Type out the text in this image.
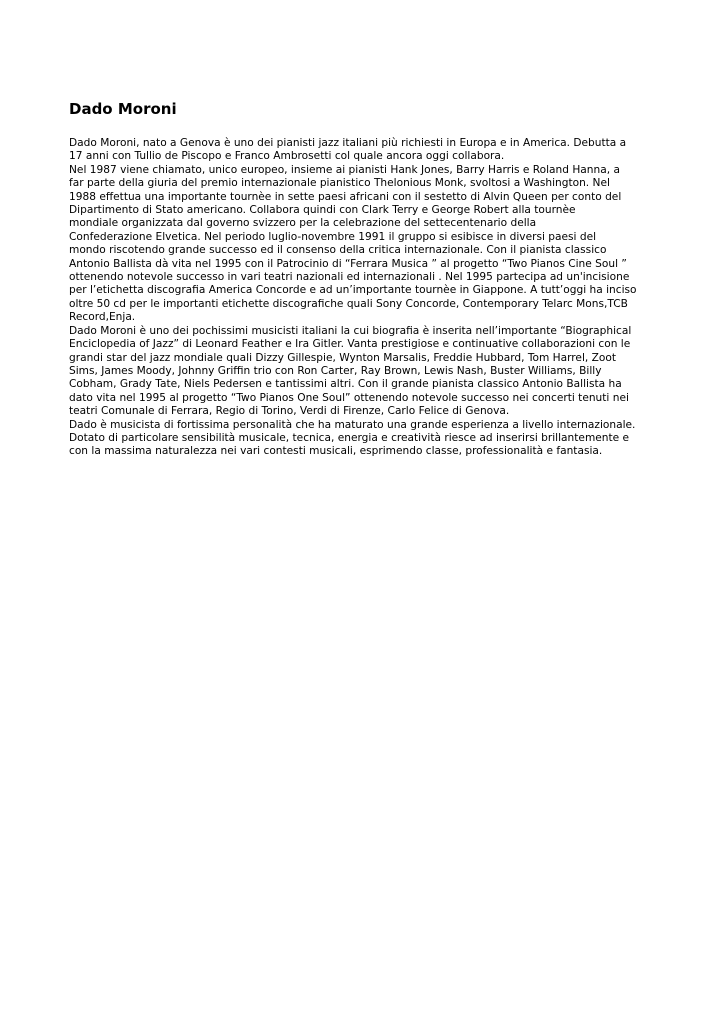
Dado Moroni

Dado Moroni, nato a Genova è uno dei pianisti jazz italiani più richiesti in Europa e in America. Debutta a
17 anni con Tullio de Piscopo e Franco Ambrosetti col quale ancora oggi collabora.

Nel 1987 viene chiamato, unico europeo, insieme ai pianisti Hank Jones, Barry Harris e Roland Hanna, a
far parte della giuria del premio internazionale pianistico Thelonious Monk, svoltosi a Washington. Nel
1988 effettua una importante tournèe in sette paesi africani con il sestetto di Alvin Queen per conto del
Dipartimento di Stato americano. Collabora quindi con Clark Terry e George Robert alla tournèe
mondiale organizzata dal governo svizzero per la celebrazione del settecentenario della
Confederazione Elvetica. Nel periodo luglio-novembre 1991 il gruppo si esibisce in diversi paesi del
mondo riscotendo grande successo ed il consenso della critica internazionale. Con il pianista classico
Antonio Ballista dà vita nel 1995 con il Patrocinio di “Ferrara Musica ” al progetto “Two Pianos Cine Soul ”
ottenendo notevole successo in vari teatri nazionali ed internazionali . Nel 1995 partecipa ad un'incisione
per l’etichetta discografia America Concorde e ad un’importante tournèe in Giappone. A tutt’oggi ha inciso
oltre 50 cd per le importanti etichette discografiche quali Sony Concorde, Contemporary Telarc Mons,TCB
Record,Enja.

Dado Moroni è uno dei pochissimi musicisti italiani la cui biografia è inserita nell’importante “Biographical
Enciclopedia of Jazz” di Leonard Feather e Ira Gitler. Vanta prestigiose e continuative collaborazioni con le
grandi star del jazz mondiale quali Dizzy Gillespie, Wynton Marsalis, Freddie Hubbard, Tom Harrel, Zoot
Sims, James Moody, Johnny Griffin trio con Ron Carter, Ray Brown, Lewis Nash, Buster Williams, Billy
Cobham, Grady Tate, Niels Pedersen e tantissimi altri. Con il grande pianista classico Antonio Ballista ha
dato vita nel 1995 al progetto “Two Pianos One Soul” ottenendo notevole successo nei concerti tenuti nei
teatri Comunale di Ferrara, Regio di Torino, Verdi di Firenze, Carlo Felice di Genova.

Dado è musicista di fortissima personalità che ha maturato una grande esperienza a livello internazionale.
Dotato di particolare sensibilità musicale, tecnica, energia e creatività riesce ad inserirsi brillantemente e
con la massima naturalezza nei vari contesti musicali, esprimendo classe, professionalità e fantasia.
